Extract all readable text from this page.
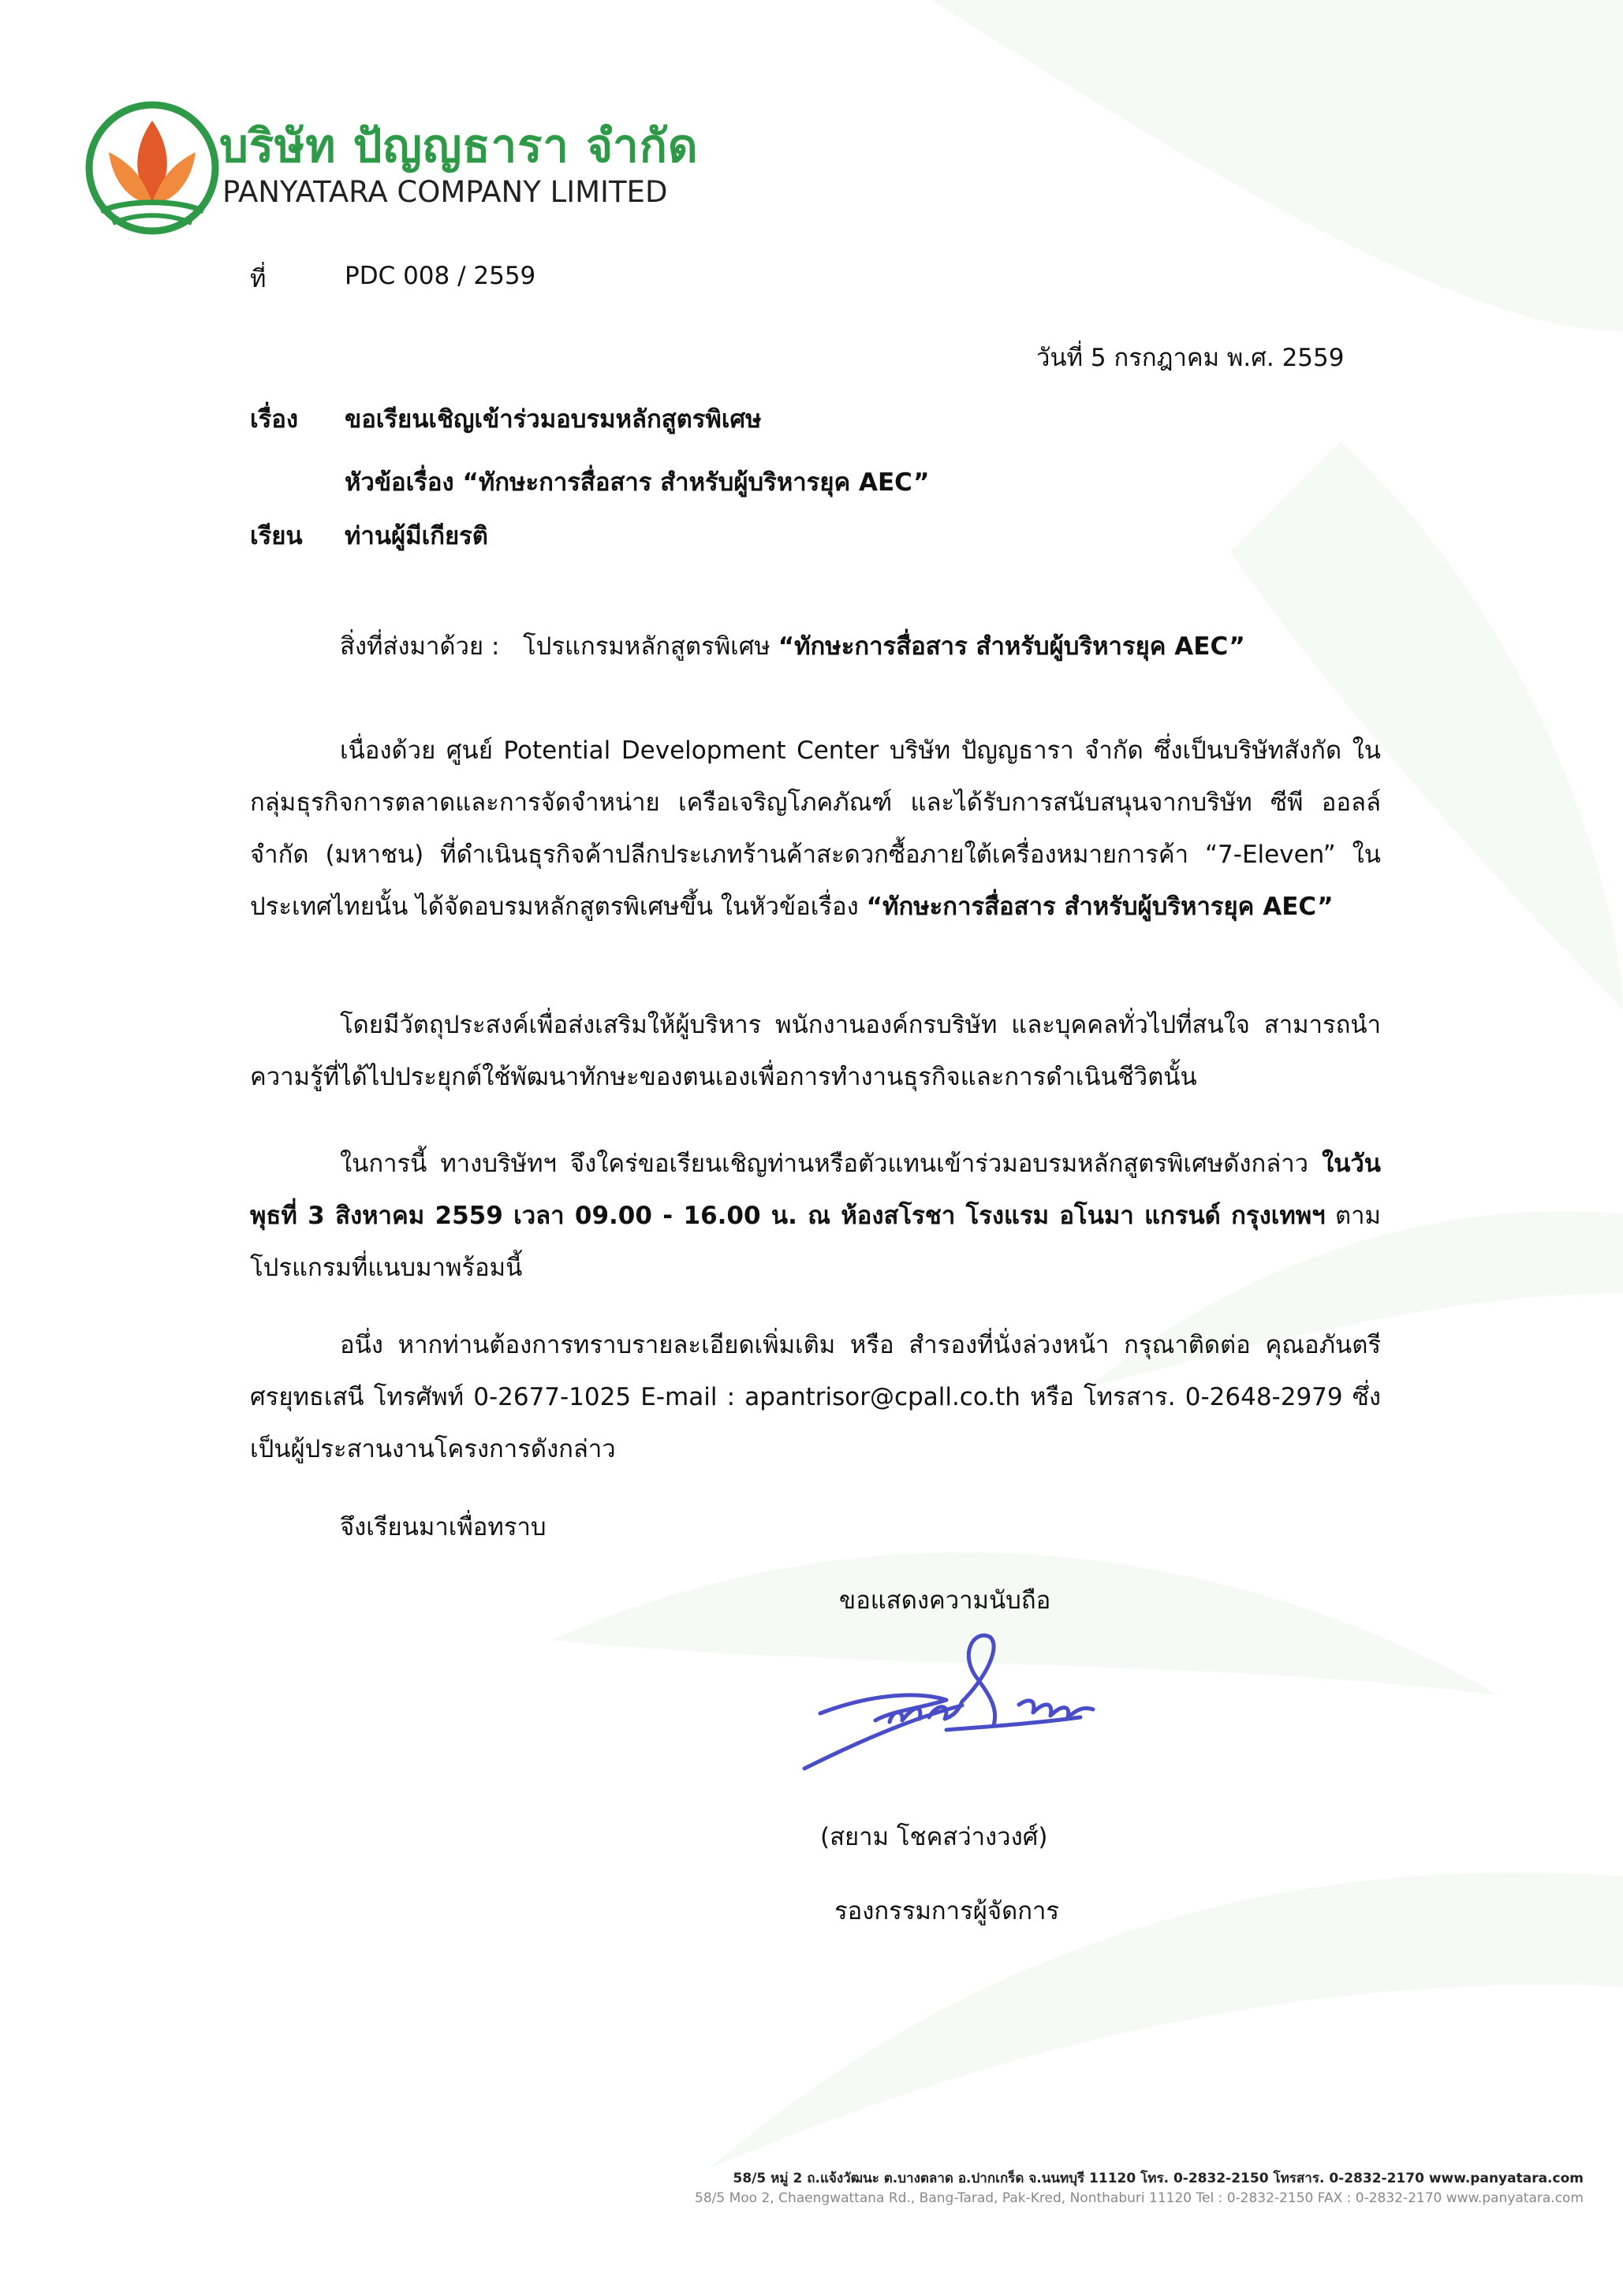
บริษัท ปัญญธารา จำกัด
PANYATARA COMPANY LIMITED
ที่	PDC 008 / 2559
วันที่ 5 กรกฎาคม พ.ศ. 2559
เรื่อง ขอเรียนเชิญเข้าร่วมอบรมหลักสูตรพิเศษ
หัวข้อเรื่อง “ทักษะการสื่อสาร สำหรับผู้บริหารยุค AEC”
เรียน ท่านผู้มีเกียรติ
สิ่งที่ส่งมาด้วย : โปรแกรมหลักสูตรพิเศษ “ทักษะการสื่อสาร สำหรับผู้บริหารยุค AEC”

เนื่องด้วย ศูนย์ Potential Development Center บริษัท ปัญญธารา จำกัด ซึ่งเป็นบริษัทสังกัด ในกลุ่มธุรกิจการตลาดและการจัดจำหน่าย เครือเจริญโภคภัณฑ์ และได้รับการสนับสนุนจากบริษัท ซีพี ออลล์ จำกัด (มหาชน) ที่ดำเนินธุรกิจค้าปลีกประเภทร้านค้าสะดวกซื้อภายใต้เครื่องหมายการค้า “7-Eleven” ในประเทศไทยนั้น ได้จัดอบรมหลักสูตรพิเศษขึ้น ในหัวข้อเรื่อง “ทักษะการสื่อสาร สำหรับผู้บริหารยุค AEC”

โดยมีวัตถุประสงค์เพื่อส่งเสริมให้ผู้บริหาร พนักงานองค์กรบริษัท และบุคคลทั่วไปที่สนใจ สามารถนำความรู้ที่ได้ไปประยุกต์ใช้พัฒนาทักษะของตนเองเพื่อการทำงานธุรกิจและการดำเนินชีวิตนั้น

ในการนี้ ทางบริษัทฯ จึงใคร่ขอเรียนเชิญท่านหรือตัวแทนเข้าร่วมอบรมหลักสูตรพิเศษดังกล่าว ในวันพุธที่ 3 สิงหาคม 2559 เวลา 09.00 - 16.00 น. ณ ห้องสโรชา โรงแรม อโนมา แกรนด์ กรุงเทพฯ ตามโปรแกรมที่แนบมาพร้อมนี้

อนึ่ง หากท่านต้องการทราบรายละเอียดเพิ่มเติม หรือ สำรองที่นั่งล่วงหน้า กรุณาติดต่อ คุณอภันตรี ศรยุทธเสนี โทรศัพท์ 0-2677-1025 E-mail : apantrisor@cpall.co.th หรือ โทรสาร. 0-2648-2979 ซึ่งเป็นผู้ประสานงานโครงการดังกล่าว

จึงเรียนมาเพื่อทราบ
ขอแสดงความนับถือ
(สยาม โชคสว่างวงศ์)
รองกรรมการผู้จัดการ
58/5 หมู่ 2 ถ.แจ้งวัฒนะ ต.บางตลาด อ.ปากเกร็ด จ.นนทบุรี 11120 โทร. 0-2832-2150 โทรสาร. 0-2832-2170 www.panyatara.com
58/5 Moo 2, Chaengwattana Rd., Bang-Tarad, Pak-Kred, Nonthaburi 11120 Tel : 0-2832-2150 FAX : 0-2832-2170 www.panyatara.com
